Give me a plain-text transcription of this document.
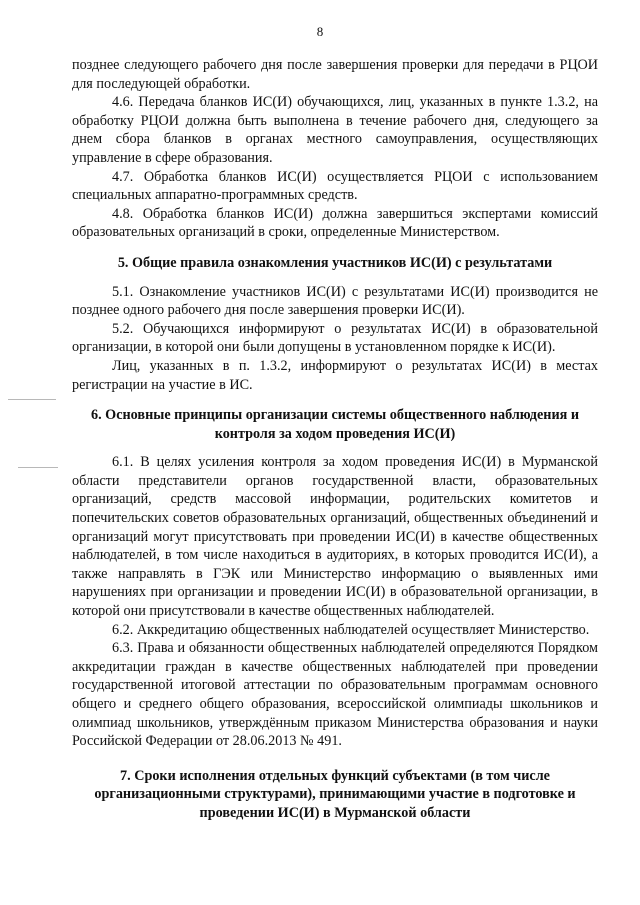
8

позднее следующего рабочего дня после завершения проверки для передачи в РЦОИ для последующей обработки.

4.6. Передача бланков ИС(И) обучающихся, лиц, указанных в пункте 1.3.2, на обработку РЦОИ должна быть выполнена в течение рабочего дня, следующего за днем сбора бланков в органах местного самоуправления, осуществляющих управление в сфере образования.

4.7. Обработка бланков ИС(И) осуществляется РЦОИ с использованием специальных аппаратно-программных средств.

4.8. Обработка бланков ИС(И) должна завершиться экспертами комиссий образовательных организаций в сроки, определенные Министерством.

5. Общие правила ознакомления участников ИС(И) с результатами

5.1. Ознакомление участников ИС(И) с результатами ИС(И) производится не позднее одного рабочего дня после завершения проверки ИС(И).

5.2. Обучающихся информируют о результатах ИС(И) в образовательной организации, в которой они были допущены в установленном порядке к ИС(И).

Лиц, указанных в п. 1.3.2, информируют о результатах ИС(И) в местах регистрации на участие в ИС.

6. Основные принципы организации системы общественного наблюдения и контроля за ходом проведения ИС(И)

6.1. В целях усиления контроля за ходом проведения ИС(И) в Мурманской области представители органов государственной власти, образовательных организаций, средств массовой информации, родительских комитетов и попечительских советов образовательных организаций, общественных объединений и организаций могут присутствовать при проведении ИС(И) в качестве общественных наблюдателей, в том числе находиться в аудиториях, в которых проводится ИС(И), а также направлять в ГЭК или Министерство информацию о выявленных ими нарушениях при организации и проведении ИС(И) в образовательной организации, в которой они присутствовали в качестве общественных наблюдателей.

6.2. Аккредитацию общественных наблюдателей осуществляет Министерство.

6.3. Права и обязанности общественных наблюдателей определяются Порядком аккредитации граждан в качестве общественных наблюдателей при проведении государственной итоговой аттестации по образовательным программам основного общего и среднего общего образования, всероссийской олимпиады школьников и олимпиад школьников, утверждённым приказом Министерства образования и науки Российской Федерации от 28.06.2013 № 491.

7. Сроки исполнения отдельных функций субъектами (в том числе организационными структурами), принимающими участие в подготовке и проведении ИС(И) в Мурманской области
